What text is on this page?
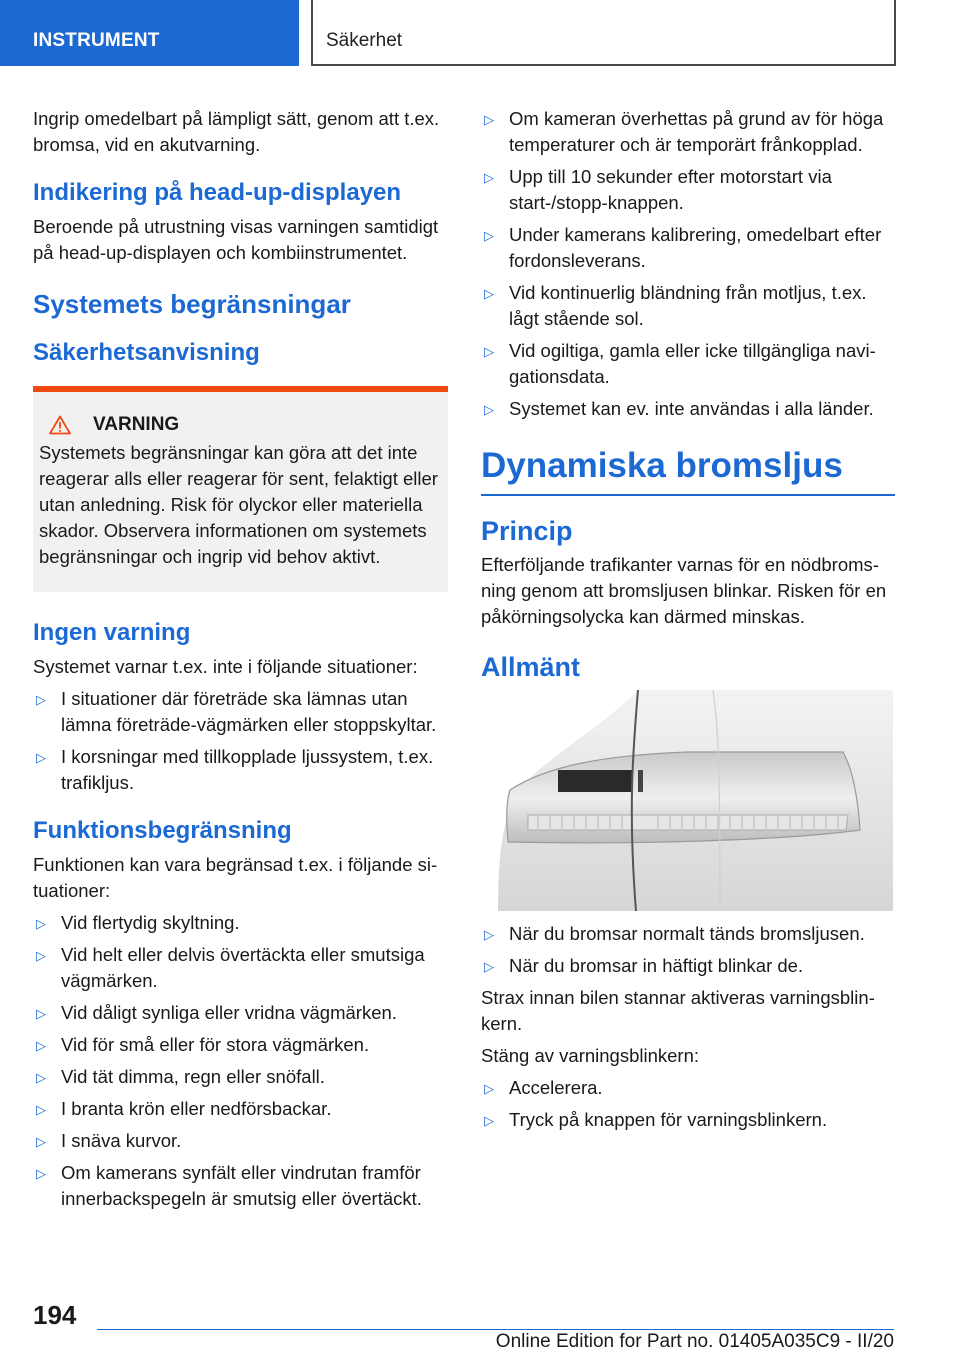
INSTRUMENT	Säkerhet

Ingrip omedelbart på lämpligt sätt, genom att t.ex. bromsa, vid en akutvarning.

Indikering på head-up-displayen

Beroende på utrustning visas varningen samtidigt på head-up-displayen och kombiinstrumentet.

Systemets begränsningar
Säkerhetsanvisning
VARNING

Systemets begränsningar kan göra att det inte reagerar alls eller reagerar för sent, felaktigt eller utan anledning. Risk för olyckor eller materiella skador. Observera informationen om systemets begränsningar och ingrip vid behov aktivt.

Ingen varning

Systemet varnar t.ex. inte i följande situationer:

▷ I situationer där företräde ska lämnas utan lämna företräde-vägmärken eller stoppskyltar.
▷ I korsningar med tillkopplade ljussystem, t.ex. trafikljus.
Funktionsbegränsning

Funktionen kan vara begränsad t.ex. i följande situationer:

▷ Vid flertydig skyltning.
▷ Vid helt eller delvis övertäckta eller smutsiga vägmärken.
▷ Vid dåligt synliga eller vridna vägmärken.
▷ Vid för små eller för stora vägmärken.
▷ Vid tät dimma, regn eller snöfall.
▷ I branta krön eller nedförsbackar.
▷ I snäva kurvor.
▷ Om kamerans synfält eller vindrutan framför innerbackspegeln är smutsig eller övertäckt.
▷ Om kameran överhettas på grund av för höga temperaturer och är temporärt frånkopplad.
▷ Upp till 10 sekunder efter motorstart via start-/stopp-knappen.
▷ Under kamerans kalibrering, omedelbart efter fordonsleverans.
▷ Vid kontinuerlig bländning från motljus, t.ex. lågt stående sol.
▷ Vid ogiltiga, gamla eller icke tillgängliga navigationsdata.
▷ Systemet kan ev. inte användas i alla länder.
Dynamiska bromsljus
Princip

Efterföljande trafikanter varnas för en nödbromsning genom att bromsljusen blinkar. Risken för en påkörningsolycka kan därmed minskas.

Allmänt
▷ När du bromsar normalt tänds bromsljusen.
▷ När du bromsar in häftigt blinkar de.

Strax innan bilen stannar aktiveras varningsblinkern.

Stäng av varningsblinkern:

▷ Accelerera.
▷ Tryck på knappen för varningsblinkern.
194
Online Edition for Part no. 01405A035C9 - II/20
